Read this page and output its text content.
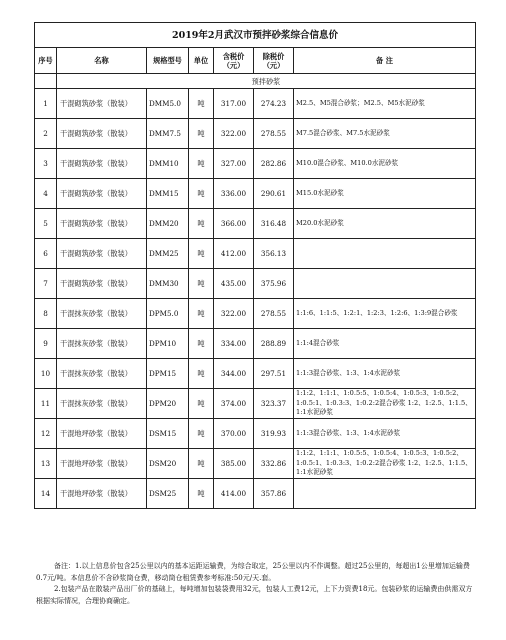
2019年2月武汉市预拌砂浆综合信息价						
序号	名称	规格型号	单位	含税价（元）	除税价（元）	备 注
	预拌砂浆					
1	干混砌筑砂浆（散装）	DMM5.0	吨	317.00	274.23	M2.5、M5混合砂浆；M2.5、M5水泥砂浆
2	干混砌筑砂浆（散装）	DMM7.5	吨	322.00	278.55	M7.5混合砂浆、M7.5水泥砂浆
3	干混砌筑砂浆（散装）	DMM10	吨	327.00	282.86	M10.0混合砂浆、M10.0水泥砂浆
4	干混砌筑砂浆（散装）	DMM15	吨	336.00	290.61	M15.0水泥砂浆
5	干混砌筑砂浆（散装）	DMM20	吨	366.00	316.48	M20.0水泥砂浆
6	干混砌筑砂浆（散装）	DMM25	吨	412.00	356.13	
7	干混砌筑砂浆（散装）	DMM30	吨	435.00	375.96	
8	干混抹灰砂浆（散装）	DPM5.0	吨	322.00	278.55	1:1:6、1:1:5、1:2:1、1:2:3、1:2:6、1:3:9混合砂浆
9	干混抹灰砂浆（散装）	DPM10	吨	334.00	288.89	1:1:4混合砂浆
10	干混抹灰砂浆（散装）	DPM15	吨	344.00	297.51	1:1:3混合砂浆、1:3、1:4水泥砂浆
11	干混抹灰砂浆（散装）	DPM20	吨	374.00	323.37	1:1:2、1:1:1、1:0.5:5、1:0.5:4、1:0.5:3、1:0.5:2、1:0.5:1、1:0.3:3、1:0.2:2混合砂浆 1:2、1:2.5、1:1.5、1:1水泥砂浆
12	干混地坪砂浆（散装）	DSM15	吨	370.00	319.93	1:1:3混合砂浆、1:3、1:4水泥砂浆
13	干混地坪砂浆（散装）	DSM20	吨	385.00	332.86	1:1:2、1:1:1、1:0.5:5、1:0.5:4、1:0.5:3、1:0.5:2、1:0.5:1、1:0.3:3、1:0.2:2混合砂浆 1:2、1:2.5、1:1.5、1:1水泥砂浆
14	干混地坪砂浆（散装）	DSM25	吨	414.00	357.86	

备注：1.以上信息价包含25公里以内的基本运距运输费，为综合取定，25公里以内不作调整。超过25公里的，每超出1公里增加运输费0.7元/吨。本信息价不含砂浆筒仓费，移动筒仓租赁费参考标准:50元/天.套。

2.包装产品在散装产品出厂价的基础上，每吨增加包装袋费用32元，包装人工费12元，上下力资费18元。包装砂浆的运输费由供需双方根据实际情况，合理协商确定。
